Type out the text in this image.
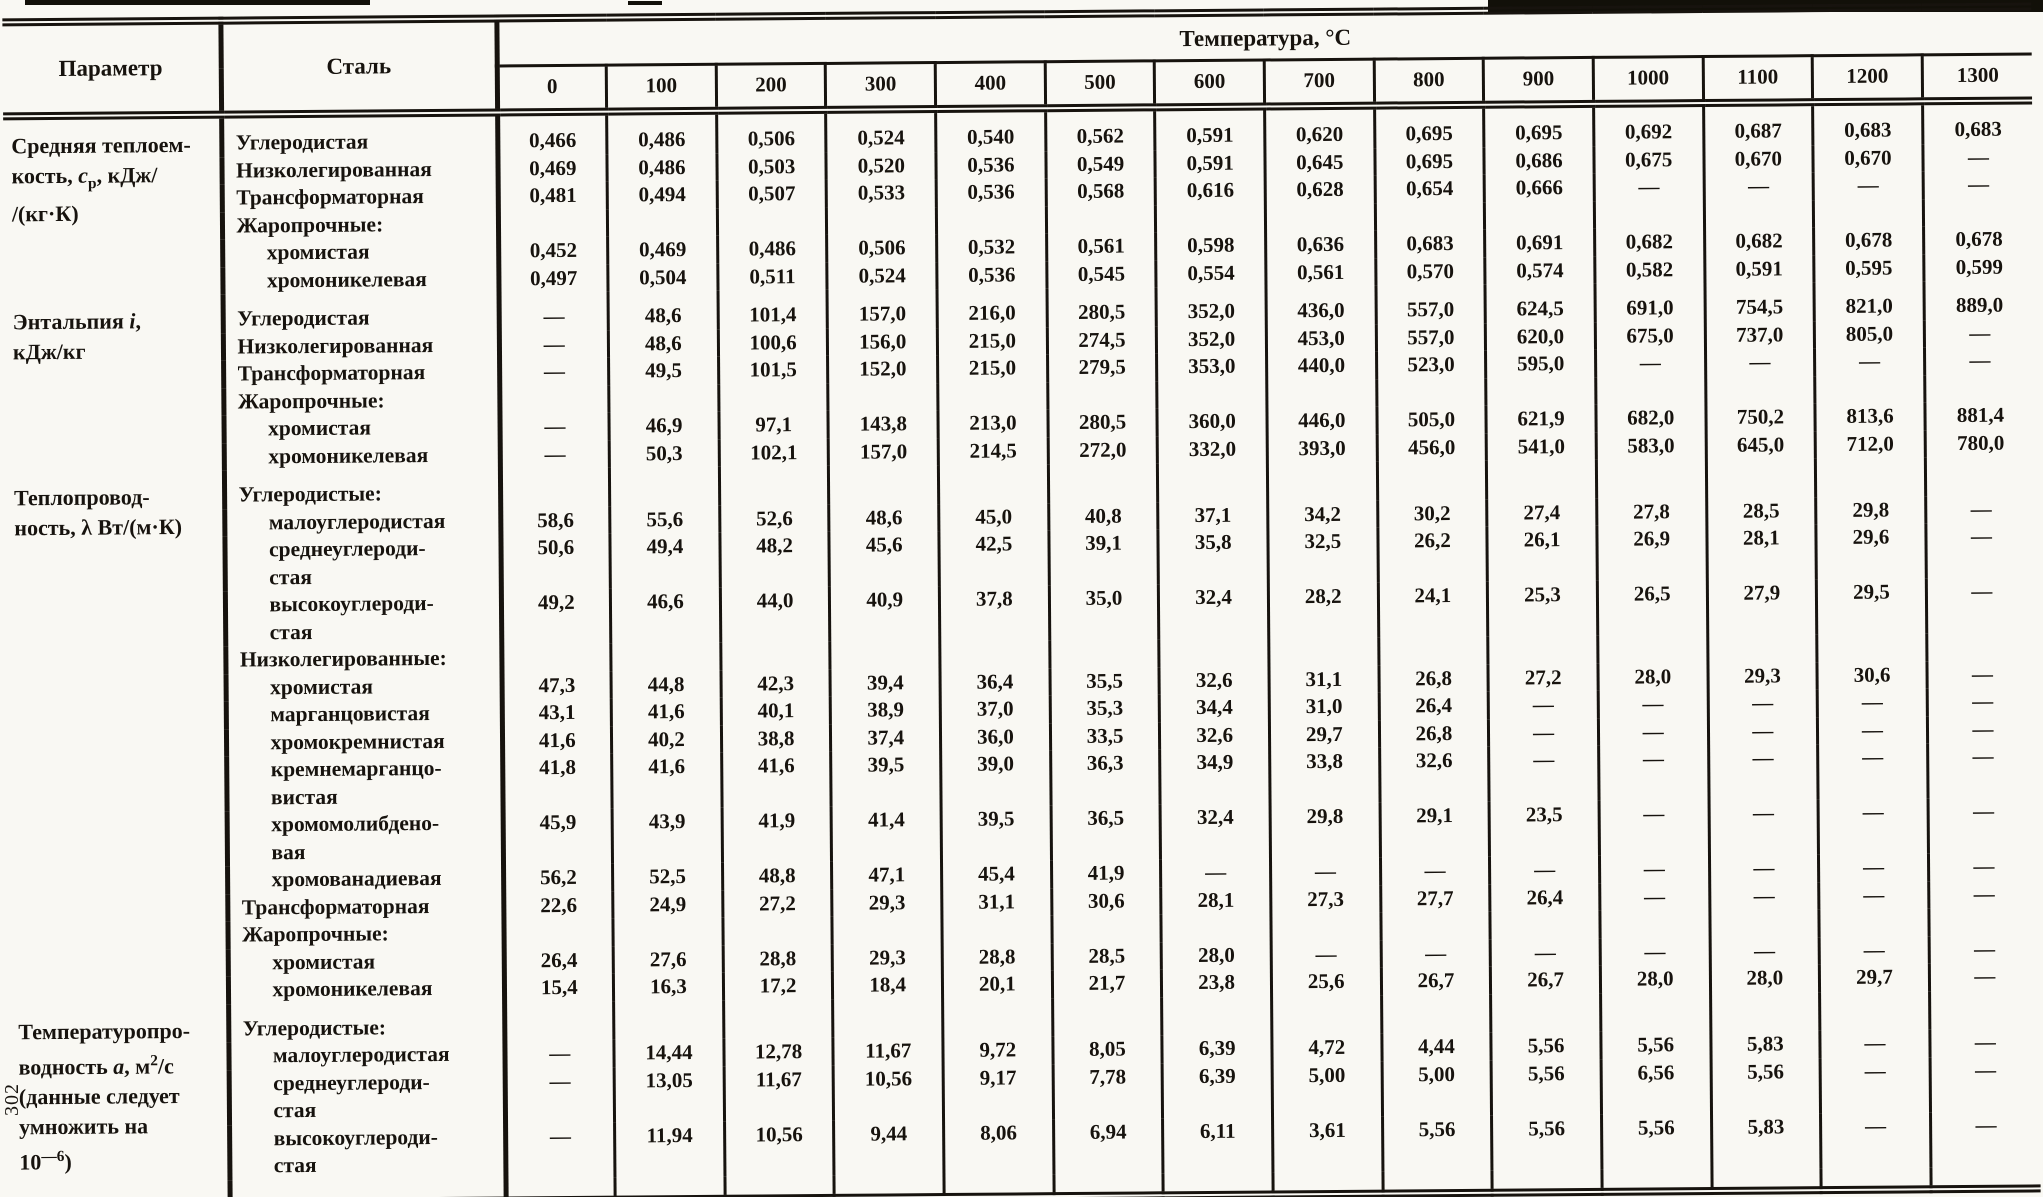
Параметр	Сталь	Температура, °С													
		0	100	200	300	400	500	600	700	800	900	1000	1100	1200	1300
Средняя теплоем-
кость, $c_p$, кДж/
/(кг·К)	Углеродистая	0,466	0,486	0,506	0,524	0,540	0,562	0,591	0,620	0,695	0,695	0,692	0,687	0,683	0,683
	Низколегированная	0,469	0,486	0,503	0,520	0,536	0,549	0,591	0,645	0,695	0,686	0,675	0,670	0,670	—
	Трансформаторная	0,481	0,494	0,507	0,533	0,536	0,568	0,616	0,628	0,654	0,666	—	—	—	—
	Жаропрочные:														
	хромистая	0,452	0,469	0,486	0,506	0,532	0,561	0,598	0,636	0,683	0,691	0,682	0,682	0,678	0,678
	хромоникелевая	0,497	0,504	0,511	0,524	0,536	0,545	0,554	0,561	0,570	0,574	0,582	0,591	0,595	0,599
Энтальпия i,
кДж/кг	Углеродистая	—	48,6	101,4	157,0	216,0	280,5	352,0	436,0	557,0	624,5	691,0	754,5	821,0	889,0
	Низколегированная	—	48,6	100,6	156,0	215,0	274,5	352,0	453,0	557,0	620,0	675,0	737,0	805,0	—
	Трансформаторная	—	49,5	101,5	152,0	215,0	279,5	353,0	440,0	523,0	595,0	—	—	—	—
	Жаропрочные:														
	хромистая	—	46,9	97,1	143,8	213,0	280,5	360,0	446,0	505,0	621,9	682,0	750,2	813,6	881,4
	хромоникелевая	—	50,3	102,1	157,0	214,5	272,0	332,0	393,0	456,0	541,0	583,0	645,0	712,0	780,0
Теплопровод-
ность, λ Вт/(м·К)	Углеродистые:														
	малоуглеродистая	58,6	55,6	52,6	48,6	45,0	40,8	37,1	34,2	30,2	27,4	27,8	28,5	29,8	—
	среднеуглероди-
стая	50,6	49,4	48,2	45,6	42,5	39,1	35,8	32,5	26,2	26,1	26,9	28,1	29,6	—
	высокоуглероди-
стая	49,2	46,6	44,0	40,9	37,8	35,0	32,4	28,2	24,1	25,3	26,5	27,9	29,5	—
	Низколегированные:														
	хромистая	47,3	44,8	42,3	39,4	36,4	35,5	32,6	31,1	26,8	27,2	28,0	29,3	30,6	—
	марганцовистая	43,1	41,6	40,1	38,9	37,0	35,3	34,4	31,0	26,4	—	—	—	—	—
	хромокремнистая	41,6	40,2	38,8	37,4	36,0	33,5	32,6	29,7	26,8	—	—	—	—	—
	кремнемарганцо-
вистая	41,8	41,6	41,6	39,5	39,0	36,3	34,9	33,8	32,6	—	—	—	—	—
	хромомолибдено-
вая	45,9	43,9	41,9	41,4	39,5	36,5	32,4	29,8	29,1	23,5	—	—	—	—
	хромованадиевая	56,2	52,5	48,8	47,1	45,4	41,9	—	—	—	—	—	—	—	—
	Трансформаторная	22,6	24,9	27,2	29,3	31,1	30,6	28,1	27,3	27,7	26,4	—	—	—	—
	Жаропрочные:														
	хромистая	26,4	27,6	28,8	29,3	28,8	28,5	28,0	—	—	—	—	—	—	—
	хромоникелевая	15,4	16,3	17,2	18,4	20,1	21,7	23,8	25,6	26,7	26,7	28,0	28,0	29,7	—
Температуропро-
водность a, $м^2/с$
(данные следует
умножить на
$10^{—6}$)	Углеродистые:														
	малоуглеродистая	—	14,44	12,78	11,67	9,72	8,05	6,39	4,72	4,44	5,56	5,56	5,83	—	—
	среднеуглероди-
стая	—	13,05	11,67	10,56	9,17	7,78	6,39	5,00	5,00	5,56	6,56	5,56	—	—
	высокоуглероди-
стая	—	11,94	10,56	9,44	8,06	6,94	6,11	3,61	5,56	5,56	5,56	5,83	—	—

302
